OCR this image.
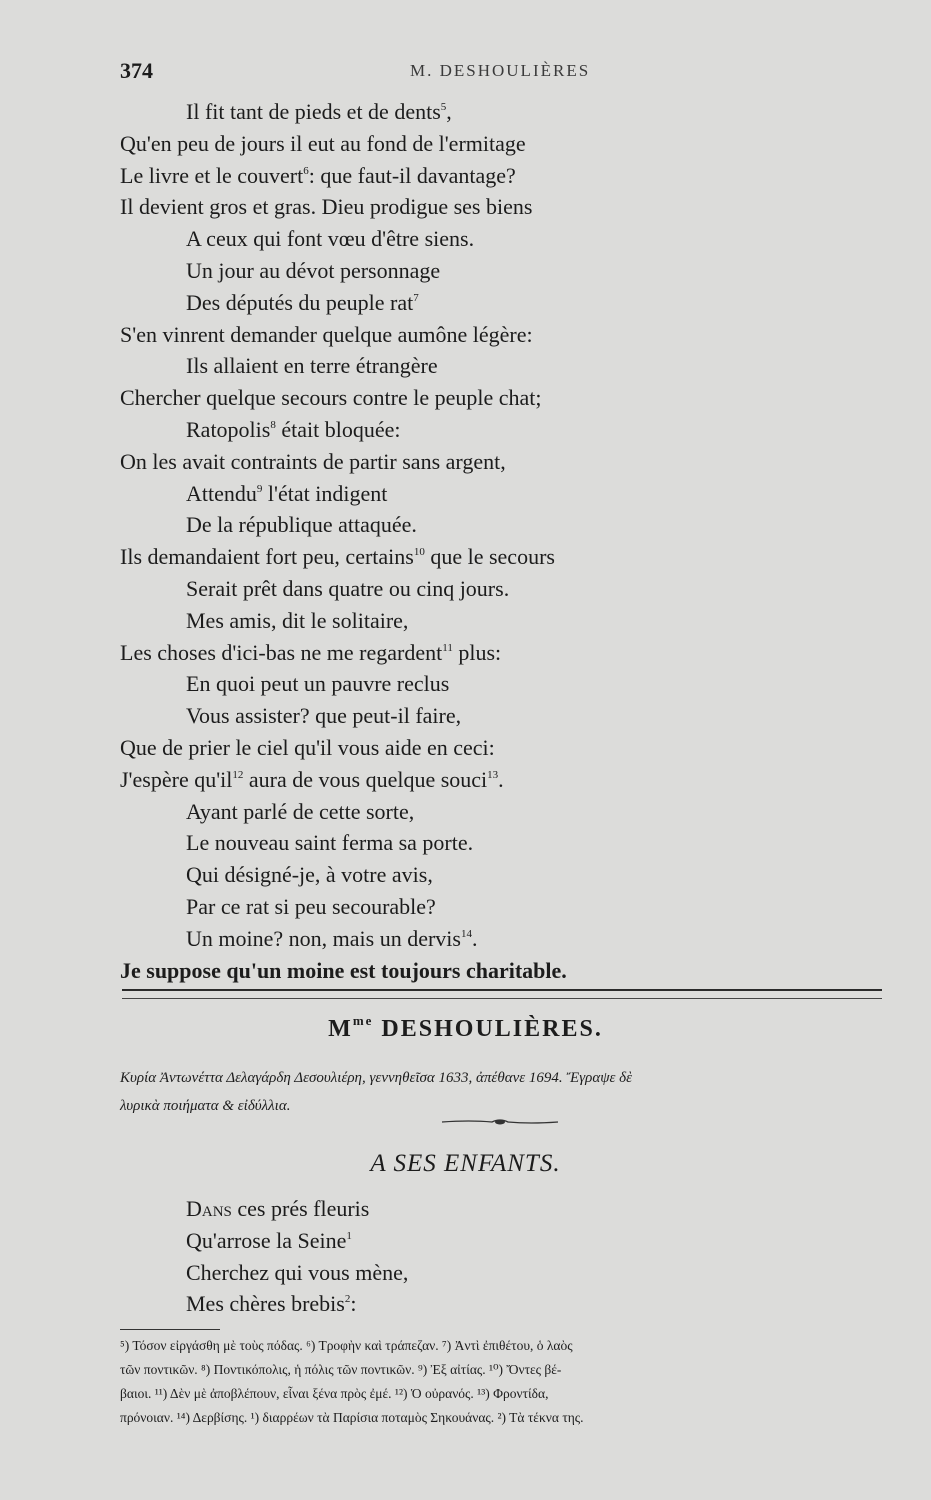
374	M. DESHOULIÈRES
Il fit tant de pieds et de dents$^5$,
Qu'en peu de jours il eut au fond de l'ermitage
Le livre et le couvert$^6$: que faut-il davantage?
Il devient gros et gras. Dieu prodigue ses biens
A ceux qui font vœu d'être siens.
Un jour au dévot personnage
Des députés du peuple rat$^7$
S'en vinrent demander quelque aumône légère:
Ils allaient en terre étrangère
Chercher quelque secours contre le peuple chat;
Ratopolis$^8$ était bloquée:
On les avait contraints de partir sans argent,
Attendu$^9$ l'état indigent
De la république attaquée.
Ils demandaient fort peu, certains$^{10}$ que le secours
Serait prêt dans quatre ou cinq jours.
Mes amis, dit le solitaire,
Les choses d'ici-bas ne me regardent$^{11}$ plus:
En quoi peut un pauvre reclus
Vous assister? que peut-il faire,
Que de prier le ciel qu'il vous aide en ceci:
J'espère $qu'il^{12}$ aura de vous quelque souci$^{13}$.
Ayant parlé de cette sorte,
Le nouveau saint ferma sa porte.
Qui désigné-je, à votre avis,
Par ce rat si peu secourable?
Un moine? non, mais un dervis$^{14}$.
Je suppose qu'un moine est toujours charitable.
$M^{me}$ DESHOULIÈRES.

Κυρία Ἀντωνέττα Δελαγάρδη Δεσουλιέρη, γεννηθεῖσα 1633, ἀπέθανε 1694. Ἔγραψε δὲ

λυρικὰ ποιήματα & εἰδύλλια.

A SES ENFANTS.
Dans ces prés fleuris
Qu'arrose la Seine$^1$
Cherchez qui vous mène,
Mes chères brebis$^2$:

⁵) Τόσον εἰργάσθη μὲ τοὺς πόδας. ⁶) Τροφὴν καὶ τράπεζαν. ⁷) Ἀντὶ ἐπιθέτου, ὁ λαὸς

τῶν ποντικῶν. ⁸) Ποντικόπολις, ἡ πόλις τῶν ποντικῶν. ⁹) Ἐξ αἰτίας. ¹⁰) Ὄντες βέ-

βαιοι. ¹¹) Δὲν μὲ ἀποβλέπουν, εἶναι ξένα πρὸς ἐμέ. ¹²) Ὁ οὐρανός. ¹³) Φροντίδα,

πρόνοιαν. ¹⁴) Δερβίσης. ¹) διαρρέων τὰ Παρίσια ποταμὸς Σηκουάνας. ²) Τὰ τέκνα της.
